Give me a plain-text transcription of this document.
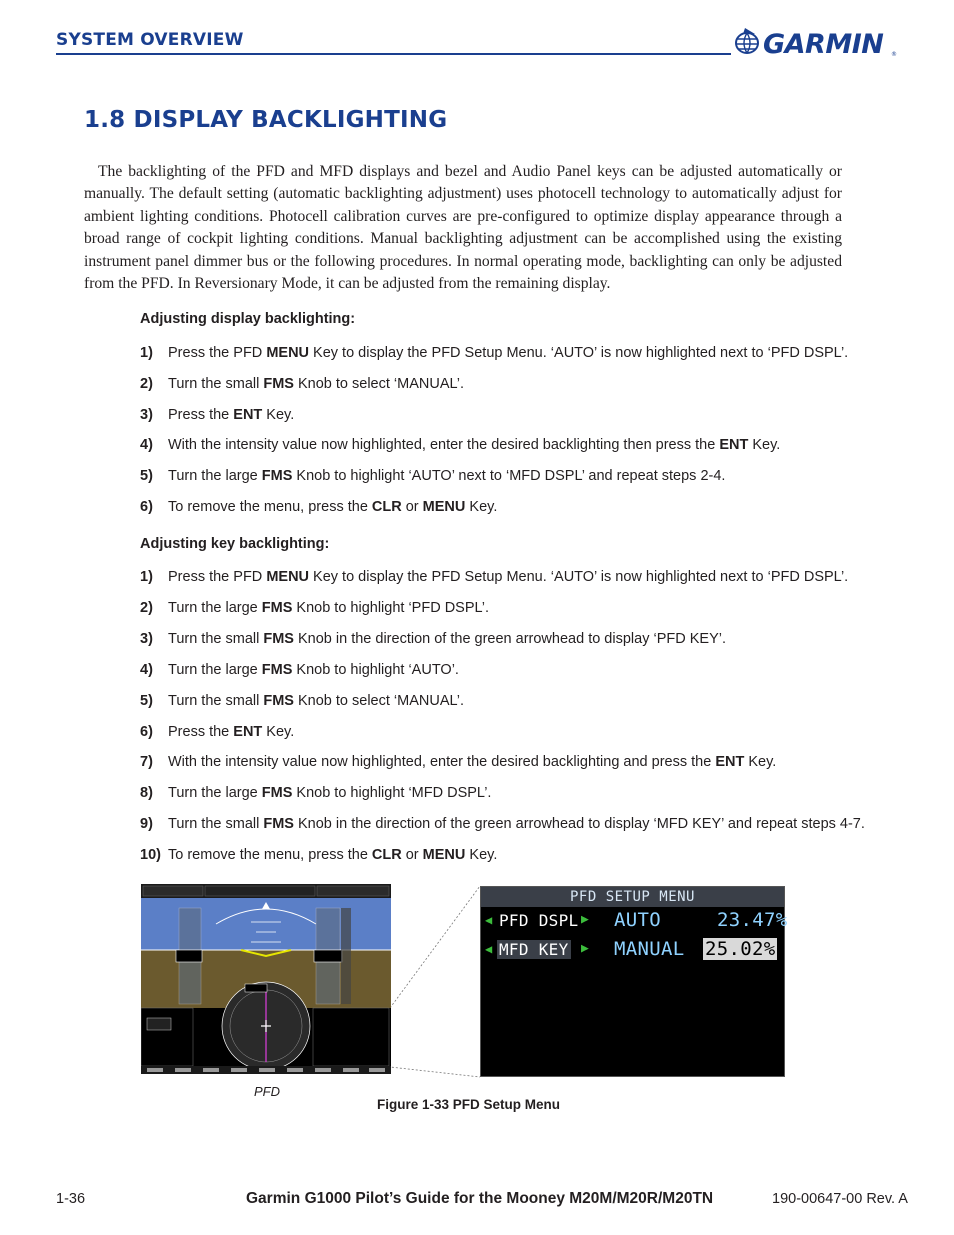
SYSTEM OVERVIEW	GARMIN ®
1.8 DISPLAY BACKLIGHTING

The backlighting of the PFD and MFD displays and bezel and Audio Panel keys can be adjusted automatically or manually. The default setting (automatic backlighting adjustment) uses photocell technology to automatically adjust for ambient lighting conditions. Photocell calibration curves are pre-configured to optimize display appearance through a broad range of cockpit lighting conditions. Manual backlighting adjustment can be accomplished using the existing instrument panel dimmer bus or the following procedures. In normal operating mode, backlighting can only be adjusted from the PFD. In Reversionary Mode, it can be adjusted from the remaining display.

Adjusting display backlighting:
1) Press the PFD MENU Key to display the PFD Setup Menu. ‘AUTO’ is now highlighted next to ‘PFD DSPL’.
2) Turn the small FMS Knob to select ‘MANUAL’.
3) Press the ENT Key.
4) With the intensity value now highlighted, enter the desired backlighting then press the ENT Key.
5) Turn the large FMS Knob to highlight ‘AUTO’ next to ‘MFD DSPL’ and repeat steps 2-4.
6) To remove the menu, press the CLR or MENU Key.
Adjusting key backlighting:
1) Press the PFD MENU Key to display the PFD Setup Menu. ‘AUTO’ is now highlighted next to ‘PFD DSPL’.
2) Turn the large FMS Knob to highlight ‘PFD DSPL’.
3) Turn the small FMS Knob in the direction of the green arrowhead to display ‘PFD KEY’.
4) Turn the large FMS Knob to highlight ‘AUTO’.
5) Turn the small FMS Knob to select ‘MANUAL’.
6) Press the ENT Key.
7) With the intensity value now highlighted, enter the desired backlighting and press the ENT Key.
8) Turn the large FMS Knob to highlight ‘MFD DSPL’.
9) Turn the small FMS Knob in the direction of the green arrowhead to display ‘MFD KEY’ and repeat steps 4-7.
10) To remove the menu, press the CLR or MENU Key.
PFD SETUP MENU
◀ PFD DSPL ▶ AUTO	23.47%
◀ MFD KEY ▶ MANUAL 25.02%
PFD
Figure 1-33 PFD Setup Menu
1-36	Garmin G1000 Pilot’s Guide for the Mooney M20M/M20R/M20TN	190-00647-00 Rev. A
